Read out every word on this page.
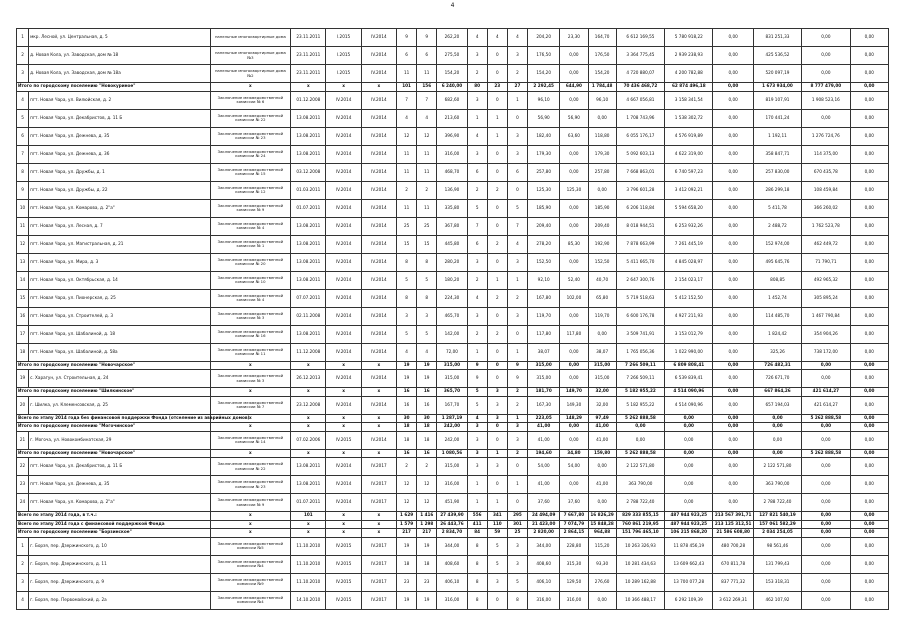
4
1	мкр. Лесной, ул. Центральная, д. 5	панельные многоквартирные дома	23.11.2011	I.2015	IV.2014	9	9	262,20	4	4	4	204,20	23,30	164,70	6 612 169,55	5 780 918,22	0,00	831 251,33	0,00	0,00
2	д. Новая Кола, ул. Заводская, дом № 18	панельные многоквартирные дома №3	23.11.2011	I.2015	IV.2014	6	6	275,50	3	0	3	176,50	0,00	176,50	3 364 775,45	2 939 238,93	0,00	425 536,52	0,00	0,00
3	д. Новая Кола, ул. Заводская, дом № 18а	панельные многоквартирные дома №2	23.11.2011	I.2015	IV.2014	11	11	154,20	2	0	2	154,20	0,00	154,20	4 720 880,07	4 200 782,88	0,00	520 097,19	0,00	0,00
Итого по городскому поселению "Новокуриное"		x	x	x	x	101	156	6 240,00	80	23	27	2 292,45	644,90	1 784,48	70 436 468,72	62 874 496,18	0,00	1 673 934,00	8 777 479,00	0,00
4	пгт. Новая Чара, ул. Вилюйская, д. 2	Заключение межведомственной комиссии № 6	01.12.2008	IV.2014	IV.2014	7	7	682,60	3	0	1	96,10	0,00	96,10	4 667 056,81	3 158 341,54	0,00	819 107,91	1 908 523,16	0,00
5	пгт. Новая Чара, ул. Декабристов, д. 11 Б	Заключение межведомственной комиссии № 22	13.08.2011	IV.2014	IV.2014	4	4	213,60	1	1	0	56,90	56,90	0,00	1 708 743,96	1 538 302,72	0,00	170 441,24	0,00	0,00
6	пгт. Новая Чара, ул. Дежнева, д. 35	Заключение межведомственной комиссии № 23	13.08.2011	IV.2014	IV.2014	12	12	396,90	4	1	3	182,40	63,60	118,80	6 055 176,17	4 576 919,89	0,00	1 192,11	1 276 724,76	0,00
7	пгт. Новая Чара, ул. Дежнева, д. 36	Заключение межведомственной комиссии № 24	13.08.2011	IV.2014	IV.2014	11	11	316,00	3	0	3	179,30	0,00	179,30	5 092 603,13	4 622 319,00	0,00	358 847,71	114 375,00	0,00
8	пгт. Новая Чара, ул. Дружбы, д. 1	Заключение межведомственной комиссии № 15	03.12.2008	IV.2014	IV.2014	11	11	468,70	6	0	6	257,80	0,00	257,80	7 668 863,01	6 740 597,23	0,00	257 830,00	670 435,78	0,00
9	пгт. Новая Чара, ул. Дружбы, д. 22	Заключение межведомственной комиссии № 12	01.03.2011	IV.2014	IV.2014	2	2	136,90	2	2	0	125,30	125,30	0,00	3 796 601,28	3 412 092,21	0,00	286 299,18	108 459,84	0,00
10	пгт. Новая Чара, ул. Комарова, д. 2"а"	Заключение межведомственной комиссии № 9	01.07.2011	IV.2014	IV.2014	11	11	335,80	5	0	5	185,90	0,00	185,90	6 206 118,84	5 594 658,20	0,00	5 411,78	366 260,02	0,00
11	пгт. Новая Чара, ул. Лесная, д. 7	Заключение межведомственной комиссии № 4	13.08.2011	IV.2014	IV.2014	25	25	367,80	7	0	7	209,40	0,00	209,40	8 018 944,51	6 253 932,26	0,00	2 488,72	1 762 523,78	0,00
12	пгт. Новая Чара, ул. Магистральная, д. 21	Заключение межведомственной комиссии № 1	13.08.2011	IV.2014	IV.2014	15	15	445,80	6	2	4	278,20	85,30	192,90	7 878 663,99	7 261 445,19	0,00	152 974,00	462 449,72	0,00
13	пгт. Новая Чара, ул. Мира, д. 3	Заключение межведомственной комиссии № 20	13.08.2011	IV.2014	IV.2014	8	8	280,20	3	0	3	152,50	0,00	152,50	5 411 665,70	4 845 028,97	0,00	495 645,76	71 790,71	0,00
14	пгт. Новая Чара, ул. Октябрьская, д. 14	Заключение межведомственной комиссии № 10	13.08.2011	IV.2014	IV.2014	5	5	180,20	2	1	1	92,10	52,40	40,70	2 647 300,76	2 154 023,17	0,00	808,85	492 965,32	0,00
15	пгт. Новая Чара, ул. Пионерская, д. 25	Заключение межведомственной комиссии № 4	07.07.2011	IV.2014	IV.2014	8	8	224,30	4	2	2	167,80	102,00	65,80	5 719 518,63	5 412 152,50	0,00	1 452,74	305 895,24	0,00
16	пгт. Новая Чара, ул. Строителей, д. 3	Заключение межведомственной комиссии № 3	02.11.2008	IV.2014	IV.2014	3	3	465,70	3	0	3	119,70	0,00	119,70	6 600 176,78	4 927 211,93	0,00	114 485,70	1 467 790,84	0,00
17	пгт. Новая Чара, ул. Шабалиной, д. 18	Заключение межведомственной комиссии № 16	13.08.2011	IV.2014	IV.2014	5	5	142,00	2	2	0	117,80	117,80	0,00	3 509 741,91	3 153 012,79	0,00	1 824,42	354 904,26	0,00
18	пгт. Новая Чара, ул. Шабалиной, д. 58а	Заключение межведомственной комиссии № 11	11.12.2008	IV.2014	IV.2014	4	4	72,00	1	0	1	38,07	0,00	38,07	1 765 056,36	1 022 990,00	0,00	325,26	738 172,00	0,00
Итого по городскому поселению "Новочарское"		x	x	x	x	19	19	315,00	9	0	9	315,00	0,00	315,00	7 266 509,11	6 809 808,41	0,00	726 482,31	0,00	0,00
19	с. Харагун, ул. Строительная, д. 24	Заключение межведомственной комиссии № 3	26.12.2013	IV.2014	IV.2014	19	19	315,00	9	0	9	315,00	0,00	315,00	7 266 509,11	6 539 839,41	0,00	726 671,70	0,00	0,00
Итого по городскому поселению "Шилкинское"		x	x	x	x	16	16	365,70	5	3	2	181,70	149,70	32,00	5 182 955,22	4 514 090,96	0,00	667 864,26	421 614,27	0,00
20	г. Шилка, ул. Клеменсовская, д. 25	Заключение межведомственной комиссии № 7	23.12.2008	IV.2014	IV.2014	16	16	167,70	5	3	2	167,30	149,30	32,00	5 182 955,22	4 514 090,96	0,00	657 194,03	421 614,27	0,00
Всего по этапу 2014 года без финансовой поддержки Фонда (отселение из аварийных домов)		x	x	x	x	30	30	1 287,19	4	3	1	223,05	148,29	97,49	5 262 888,58	0,00	0,00	0,00	5 262 888,58	0,00
Итого по городскому поселению "Могочинское"		x	x	x	x	18	18	242,00	3	0	3	41,00	0,00	41,00	0,00	0,00	0,00	0,00	0,00	0,00
21	г. Могоча, ул. Новокомбинатская, 29	Заключение межведомственной комиссии № 14	07.02.2006	IV.2015	IV.2014	18	18	242,00	3	0	3	41,00	0,00	41,00	0,00	0,00	0,00	0,00	0,00	0,00
Итого по городскому поселению "Новочарское"		x	x	x	x	16	16	1 080,56	3	1	2	194,60	34,80	159,80	5 262 888,58	0,00	0,00	0,00	5 262 888,58	0,00
22	пгт. Новая Чара, ул. Декабристов, д. 11 Б	Заключение межведомственной комиссии № 22	13.08.2011	IV.2014	IV.2017	2	2	315,00	3	3	0	54,00	54,00	0,00	2 122 571,80	0,00	0,00	2 122 571,80	0,00	0,00
23	пгт. Новая Чара, ул. Дежнева, д. 35	Заключение межведомственной комиссии № 23	13.08.2011	IV.2014	IV.2017	12	12	316,00	1	0	1	41,00	0,00	41,00	363 790,00	0,00	0,00	363 790,00	0,00	0,00
24	пгт. Новая Чара, ул. Комарова, д. 2"а"	Заключение межведомственной комиссии № 9	01.07.2011	IV.2014	IV.2017	12	12	451,90	1	1	0	37,60	37,60	0,00	2 788 722,40	0,00	0,00	2 788 722,40	0,00	0,00
Всего по этапу 2014 года, в т.ч.:		x	101	x	x	1 629	1 416	27 439,90	556	341	295	24 494,09	7 667,80	16 826,29	829 333 855,15	487 944 923,25	213 567 391,71	127 821 540,19	0,00	0,00
Всего по этапу 2014 года с финансовой поддержкой Фонда		x	x	x	x	1 579	1 298	26 443,76	411	110	301	21 423,00	7 074,79	15 848,28	760 861 219,95	487 944 923,25	213 125 312,51	157 061 582,29	0,00	0,00
Итого по городскому поселению "Борзинское"		x	x	x	x	217	217	2 834,70	84	59	25	2 820,00	2 864,15	964,88	151 796 465,10	106 215 868,20	21 586 608,80	2 034 254,05	0,00	0,00
1	г. Борзя, пер. Дзержинского, д. 10	Заключение межведомственной комиссии №5	11.10.2010	IV.2015	IV.2017	19	19	344,00	8	5	3	344,00	228,80	115,20	10 263 326,93	11 878 456,19	480 700,28	98 561,46	0,00	0,00
2	г. Борзя, пер. Дзержинского, д. 11	Заключение межведомственной комиссии №4	11.10.2010	IV.2015	IV.2017	18	18	408,60	8	5	3	408,60	315,30	93,30	10 281 434,63	13 609 662,43	670 811,78	131 799,43	0,00	0,00
3	г. Борзя, пер. Дзержинского, д. 9	Заключение межведомственной комиссии №9	11.10.2010	IV.2015	IV.2017	23	23	406,10	8	3	5	406,10	129,50	276,60	10 289 162,88	13 700 077,28	837 771,32	153 318,31	0,00	0,00
4	г. Борзя, пер. Первомайский, д. 2а	Заключение межведомственной комиссии №4	14.10.2010	IV.2015	IV.2017	19	19	316,00	8	0	8	316,00	316,00	0,00	10 366 488,17	6 292 109,39	3 612 269,31	462 107,92	0,00	0,00
